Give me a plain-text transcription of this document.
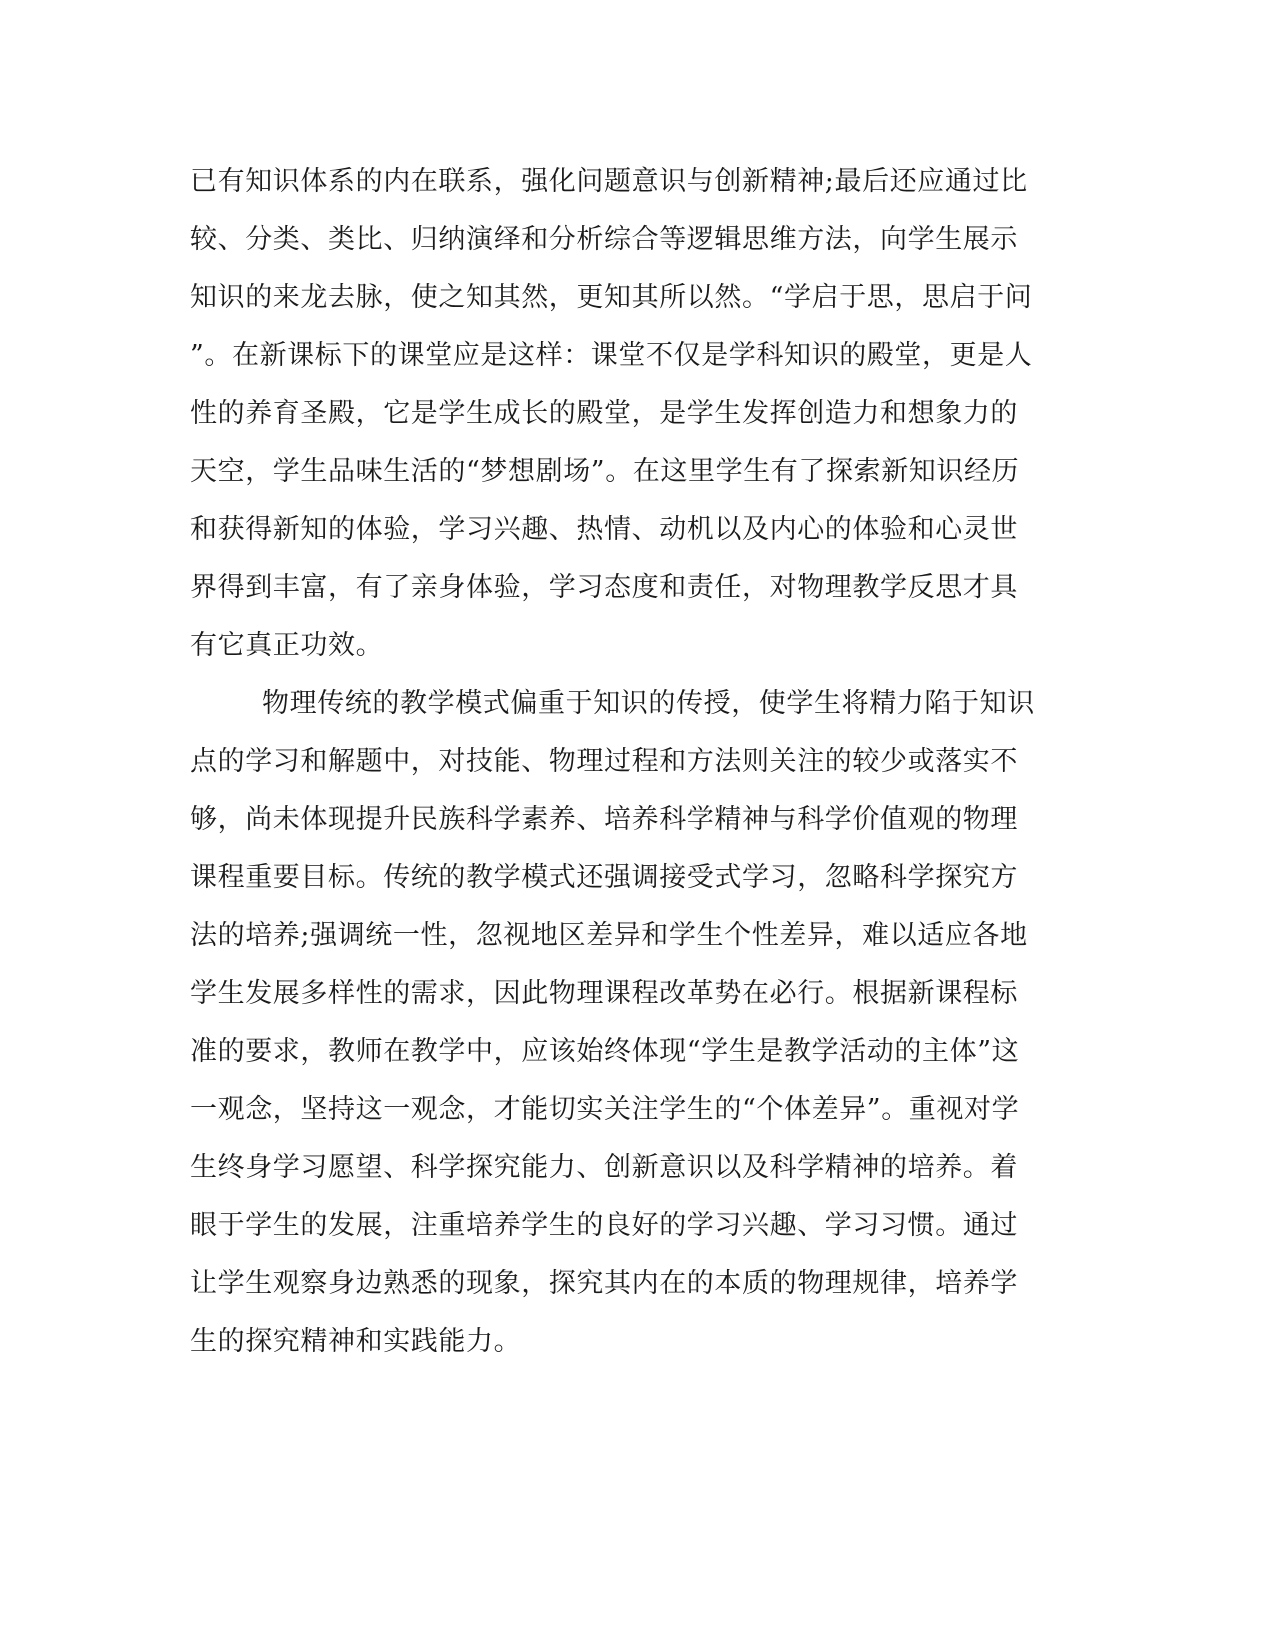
已有知识体系的内在联系，强化问题意识与创新精神;最后还应通过比
较、分类、类比、归纳演绎和分析综合等逻辑思维方法，向学生展示
知识的来龙去脉，使之知其然，更知其所以然。“学启于思，思启于问
”。在新课标下的课堂应是这样：课堂不仅是学科知识的殿堂，更是人
性的养育圣殿，它是学生成长的殿堂，是学生发挥创造力和想象力的
天空，学生品味生活的“梦想剧场”。在这里学生有了探索新知识经历
和获得新知的体验，学习兴趣、热情、动机以及内心的体验和心灵世
界得到丰富，有了亲身体验，学习态度和责任，对物理教学反思才具
有它真正功效。
物理传统的教学模式偏重于知识的传授，使学生将精力陷于知识
点的学习和解题中，对技能、物理过程和方法则关注的较少或落实不
够，尚未体现提升民族科学素养、培养科学精神与科学价值观的物理
课程重要目标。传统的教学模式还强调接受式学习，忽略科学探究方
法的培养;强调统一性，忽视地区差异和学生个性差异，难以适应各地
学生发展多样性的需求，因此物理课程改革势在必行。根据新课程标
准的要求，教师在教学中，应该始终体现“学生是教学活动的主体”这
一观念，坚持这一观念，才能切实关注学生的“个体差异”。重视对学
生终身学习愿望、科学探究能力、创新意识以及科学精神的培养。着
眼于学生的发展，注重培养学生的良好的学习兴趣、学习习惯。通过
让学生观察身边熟悉的现象，探究其内在的本质的物理规律，培养学
生的探究精神和实践能力。
